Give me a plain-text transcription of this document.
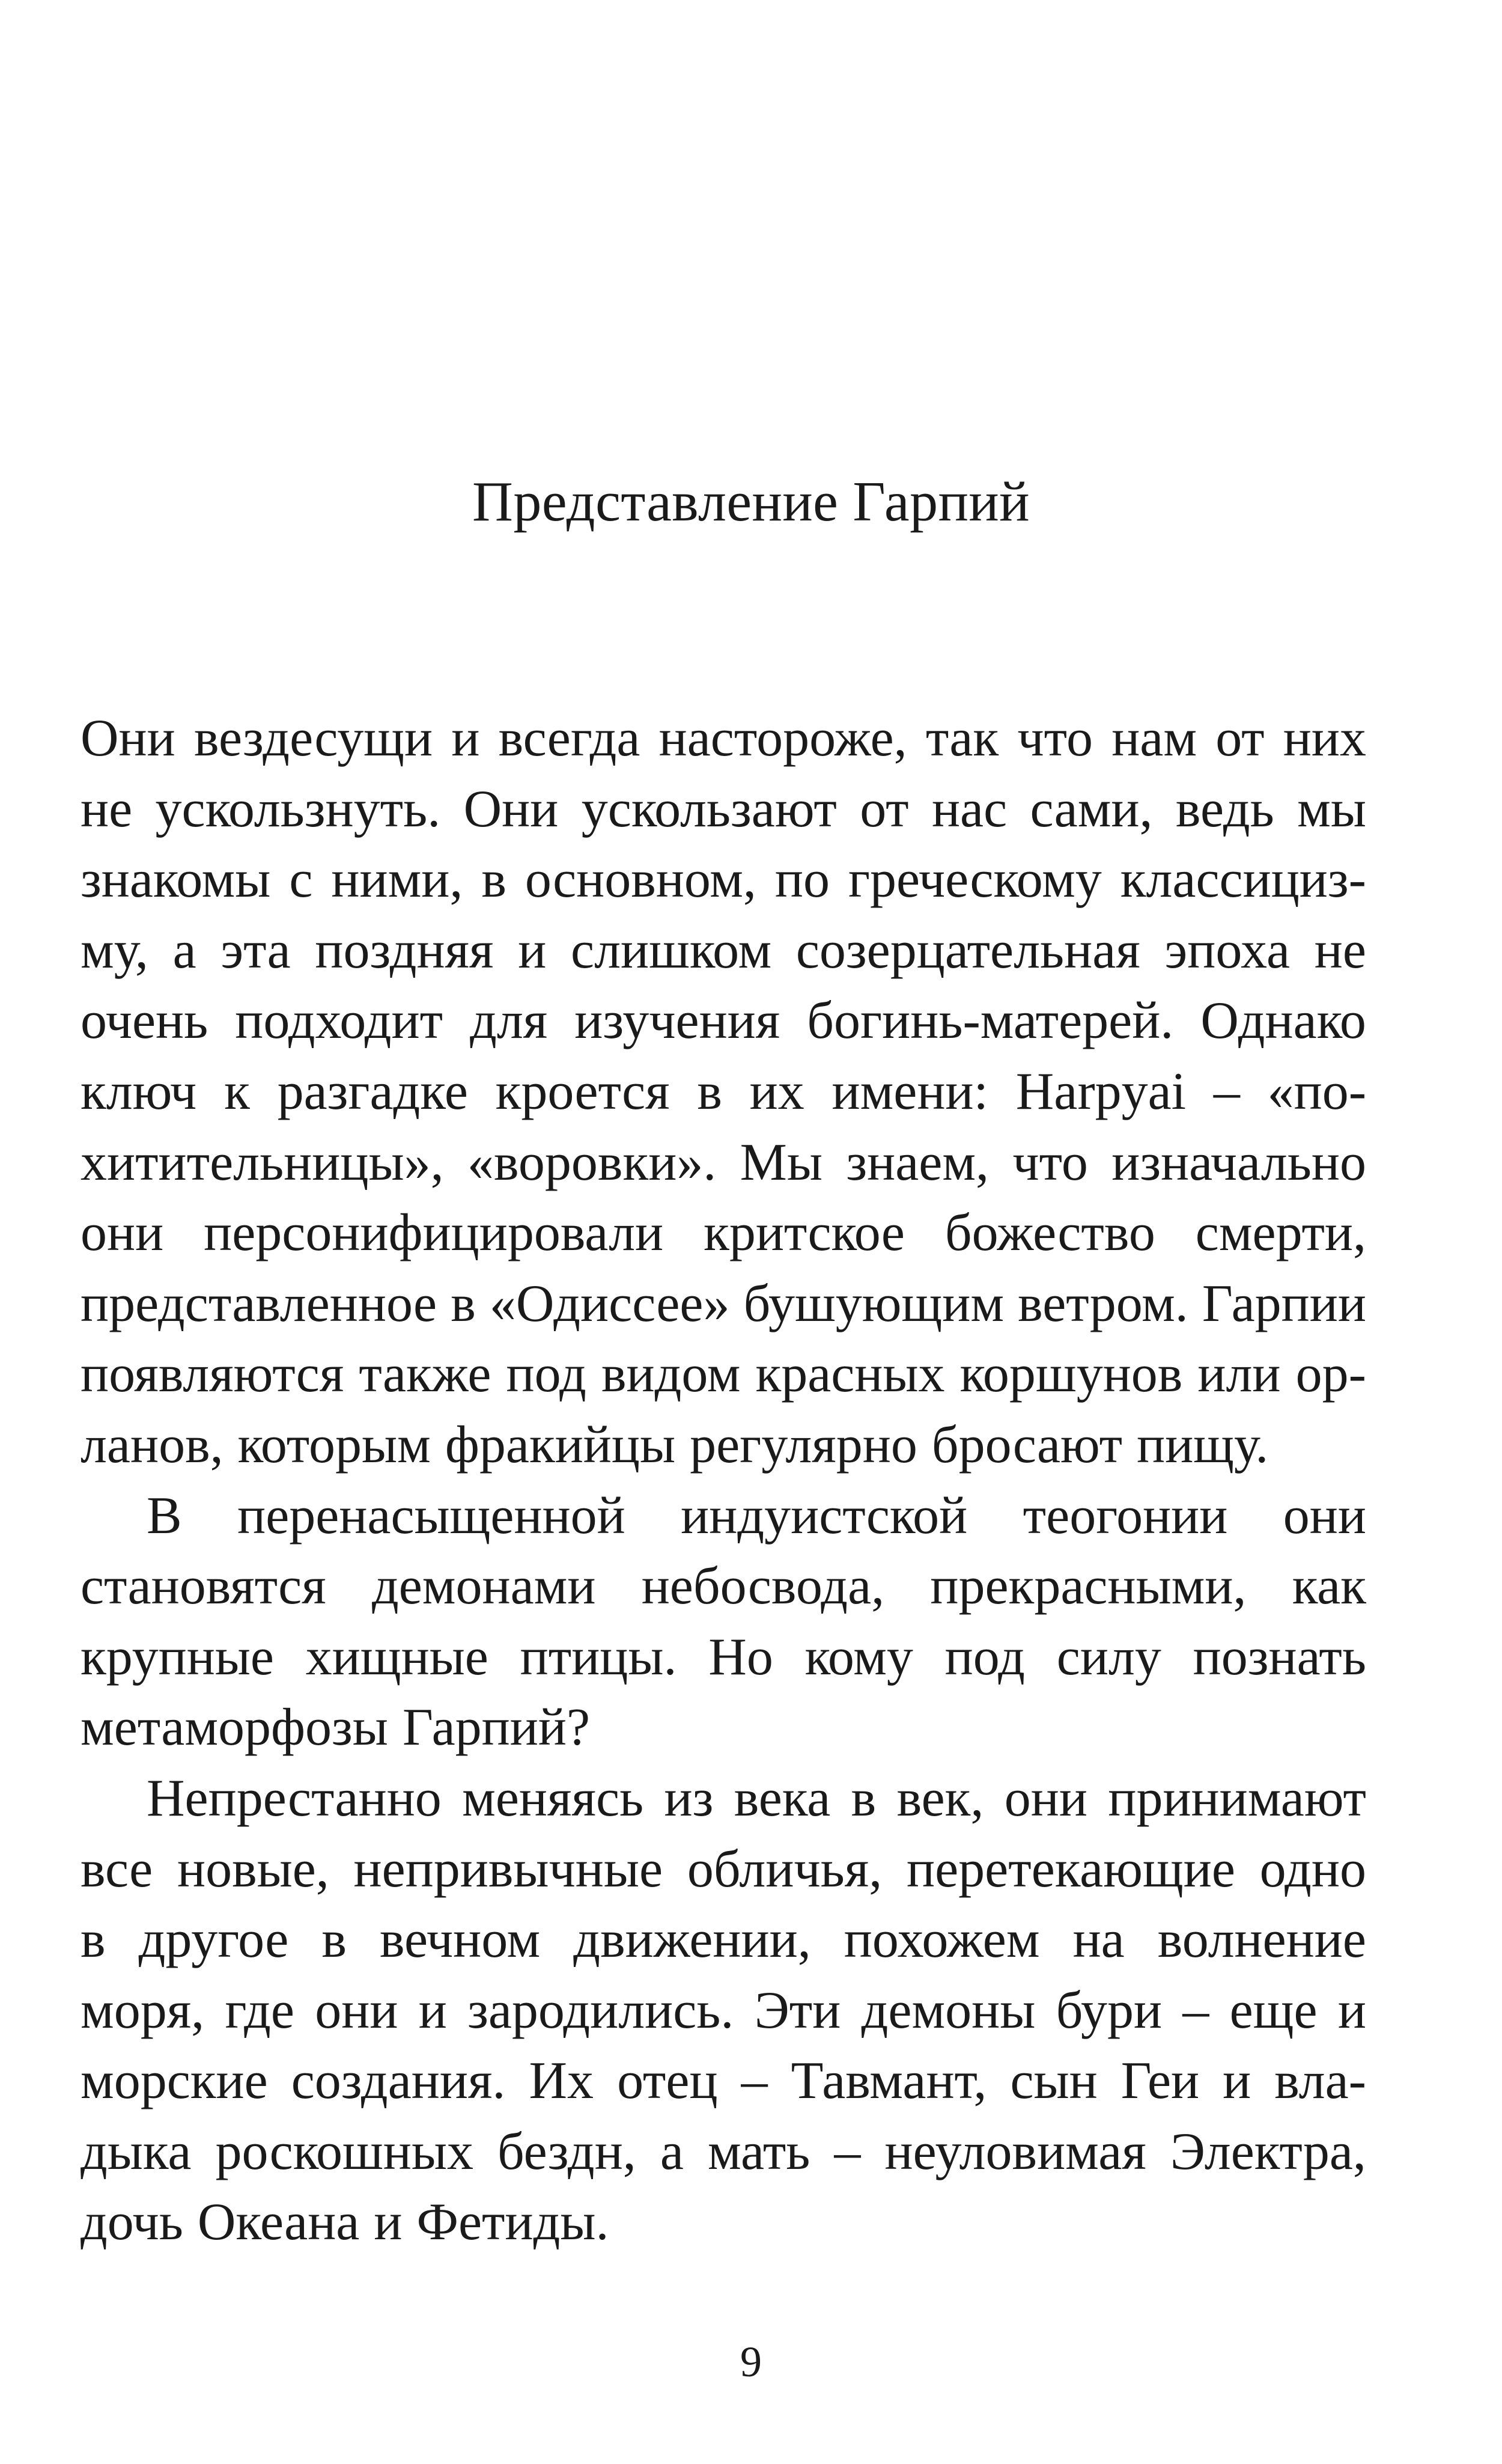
Представление Гарпий
Они вездесущи и всегда настороже, так что нам от них
не ускользнуть. Они ускользают от нас сами, ведь мы
знакомы с ними, в основном, по греческому классициз-
му, а эта поздняя и слишком созерцательная эпоха не
очень подходит для изучения богинь-матерей. Однако
ключ к разгадке кроется в их имени: Harpyai – «по-
хитительницы», «воровки». Мы знаем, что изначально
они персонифицировали критское божество смерти,
представленное в «Одиссее» бушующим ветром. Гарпии
появляются также под видом красных коршунов или ор-
ланов, которым фракийцы регулярно бросают пищу.
В перенасыщенной индуистской теогонии они
становятся демонами небосвода, прекрасными, как
крупные хищные птицы. Но кому под силу познать
метаморфозы Гарпий?
Непрестанно меняясь из века в век, они принимают
все новые, непривычные обличья, перетекающие одно
в другое в вечном движении, похожем на волнение
моря, где они и зародились. Эти демоны бури – еще и
морские создания. Их отец – Тавмант, сын Геи и вла-
дыка роскошных бездн, а мать – неуловимая Электра,
дочь Океана и Фетиды.
9
